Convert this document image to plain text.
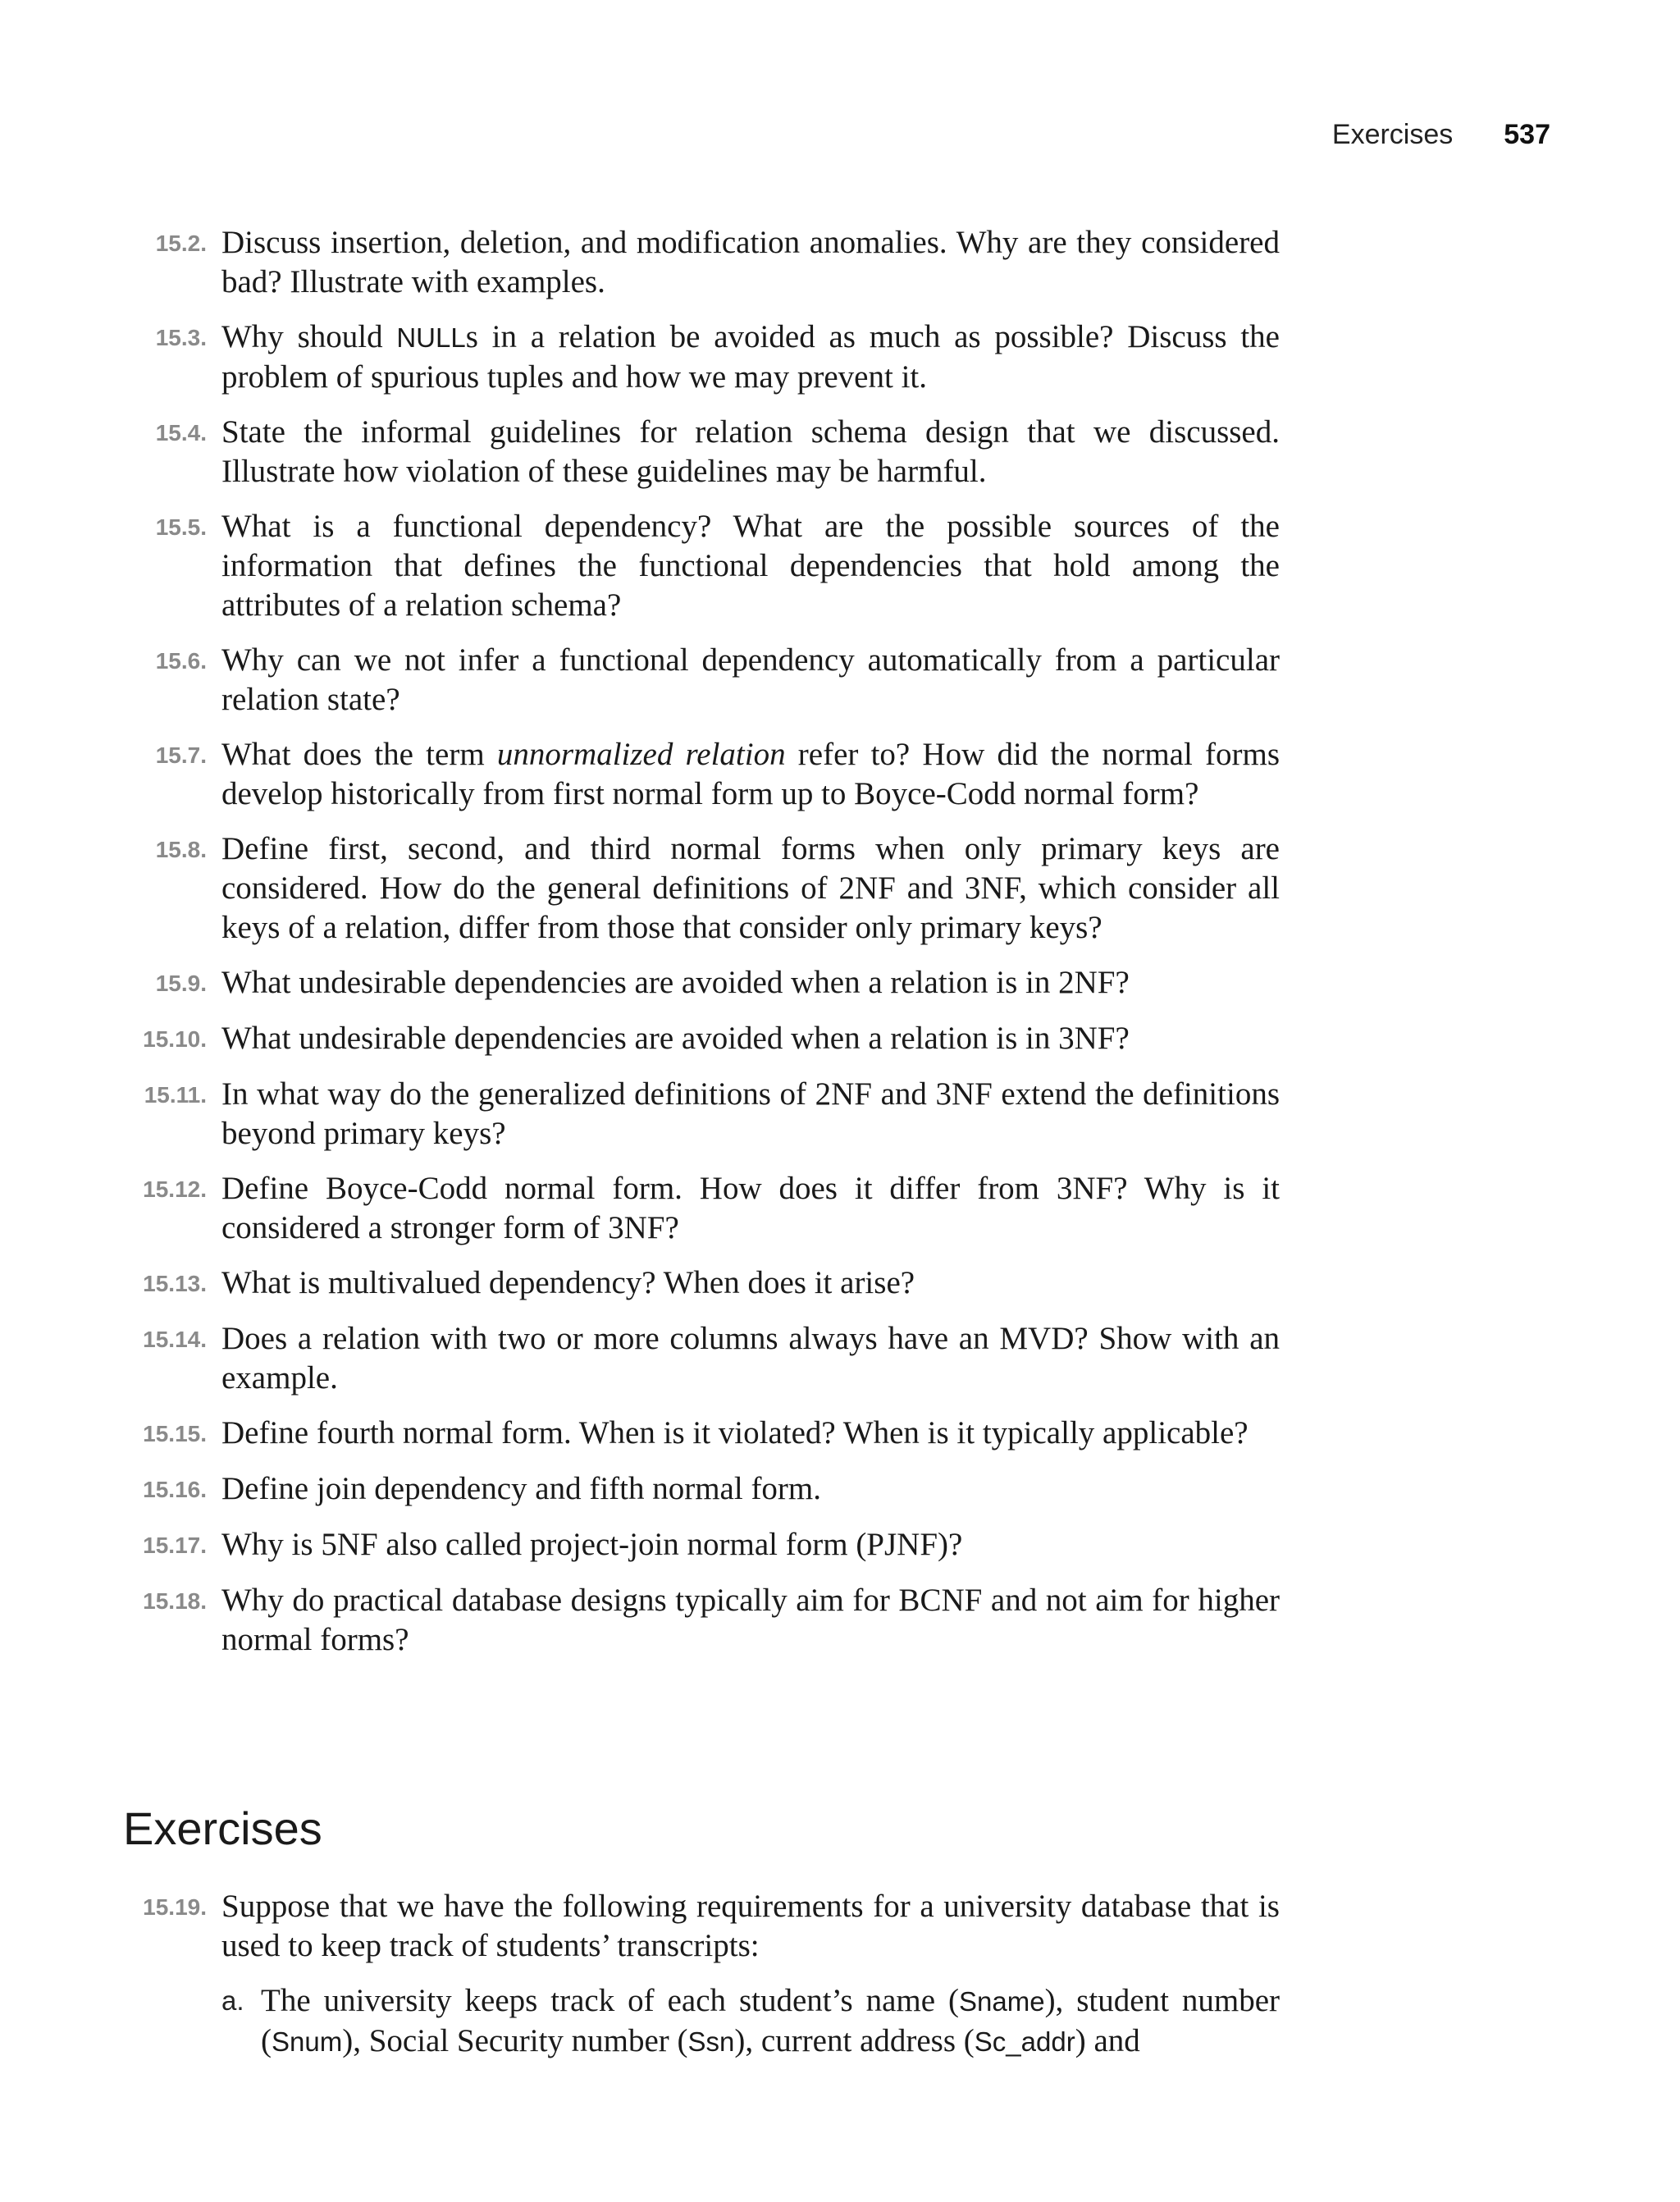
Exercises 537
15.2. Discuss insertion, deletion, and modification anomalies. Why are they considered bad? Illustrate with examples.
15.3. Why should NULLs in a relation be avoided as much as possible? Discuss the problem of spurious tuples and how we may prevent it.
15.4. State the informal guidelines for relation schema design that we discussed. Illustrate how violation of these guidelines may be harmful.
15.5. What is a functional dependency? What are the possible sources of the information that defines the functional dependencies that hold among the attributes of a relation schema?
15.6. Why can we not infer a functional dependency automatically from a particular relation state?
15.7. What does the term unnormalized relation refer to? How did the normal forms develop historically from first normal form up to Boyce-Codd normal form?
15.8. Define first, second, and third normal forms when only primary keys are considered. How do the general definitions of 2NF and 3NF, which consider all keys of a relation, differ from those that consider only primary keys?
15.9. What undesirable dependencies are avoided when a relation is in 2NF?
15.10. What undesirable dependencies are avoided when a relation is in 3NF?
15.11. In what way do the generalized definitions of 2NF and 3NF extend the definitions beyond primary keys?
15.12. Define Boyce-Codd normal form. How does it differ from 3NF? Why is it considered a stronger form of 3NF?
15.13. What is multivalued dependency? When does it arise?
15.14. Does a relation with two or more columns always have an MVD? Show with an example.
15.15. Define fourth normal form. When is it violated? When is it typically applicable?
15.16. Define join dependency and fifth normal form.
15.17. Why is 5NF also called project-join normal form (PJNF)?
15.18. Why do practical database designs typically aim for BCNF and not aim for higher normal forms?
Exercises
15.19. Suppose that we have the following requirements for a university database that is used to keep track of students’ transcripts:
a. The university keeps track of each student’s name (Sname), student number (Snum), Social Security number (Ssn), current address (Sc_addr) and
